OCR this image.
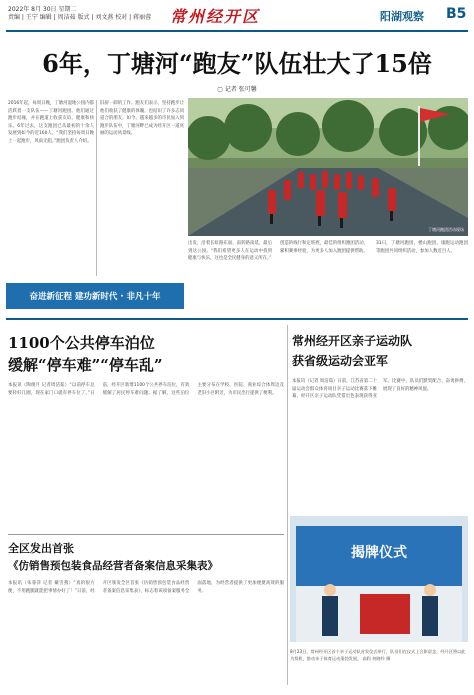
2022年 8月 30日 星期二
责编 | 王宁 编辑 | 周洁茹 版式 | 刘文燕 校对 | 蒋丽蓉 常州经开区	阳湖观察 B5
6年，丁塘河“跑友”队伍壮大了15倍
▢ 记者 张可馨
2016年起，每周日晚，丁塘河湿地公园内都活跃着一支队伍——丁塘河跑团。他们通过跑步结缘，并在跑道上收获友谊、健康和快乐。6年过去，这支跑团已从最初的十余人发展到如今的近160人。“我们坚持每周日晚上一起跑步，风雨无阻。”跑团负责人介绍。
旧厨一卸的工作。跑友们表示，坚持跑步让他们收获了健康的体魄，也结识了许多志同道合的朋友。如今，越来越多的市民加入到跑步队伍中，丁塘河畔已成为经开区一道亮丽的运动风景线。
丁塘河跑团活动现场
出发，沿着长虹路东面、南转路南延，最后到达公园。“我们希望更多人在运动中找到健康与快乐，这也是全民健身的意义所在。”
创造的线行和定班底，最佳的组织跑团活动，累积赛事经验，为更多人加入跑团提供帮助。
31日，丁塘河跑团，楼山跑团，康跑运动跑团等跑团共同组织活动，参加人数近百人。
奋进新征程 建功新时代 · 非凡十年
1100个公共停车泊位
缓解“停车难”“停车乱”
本报讯（陶俊月 记者周洁茹）“以前停车总要转好几圈，现在家门口就有停车位了。”日前，经开区新增1100个公共停车泊位，有效缓解了居民停车难问题。据了解，这些泊位主要分布在学校、医院、商业综合体周边及老旧小区附近，为市民出行提供了便利。
常州经开区亲子运动队
获省级运动会亚军
本报讯（记者 周洁茹）日前，江苏省第二十届运动会群众体育项目亲子运动比赛落下帷幕，经开区亲子运动队凭借出色表现获得亚军。比赛中，队员们默契配合、奋勇拼搏，展现了良好的精神风貌。
揭牌仪式
8月23日，常州经开区首个亲子运动队首发仪式举行，队员们在仪式上合影留念。经开区将以此为契机，推动亲子体育运动蓬勃发展。 高科 何晓吟 摄
全区发出首张
《仿销售预包装食品经营者备案信息采集表》
本报讯（朱睿萍 记者 戴雪燕）“真的很方便，不用跑腿就能把事情办好了！”日前，经开区颁发全区首张《仿销售预包装食品经营者备案信息采集表》，标志着该项备案服务全面落地，为经营者提供了更加便捷高效的服务。
